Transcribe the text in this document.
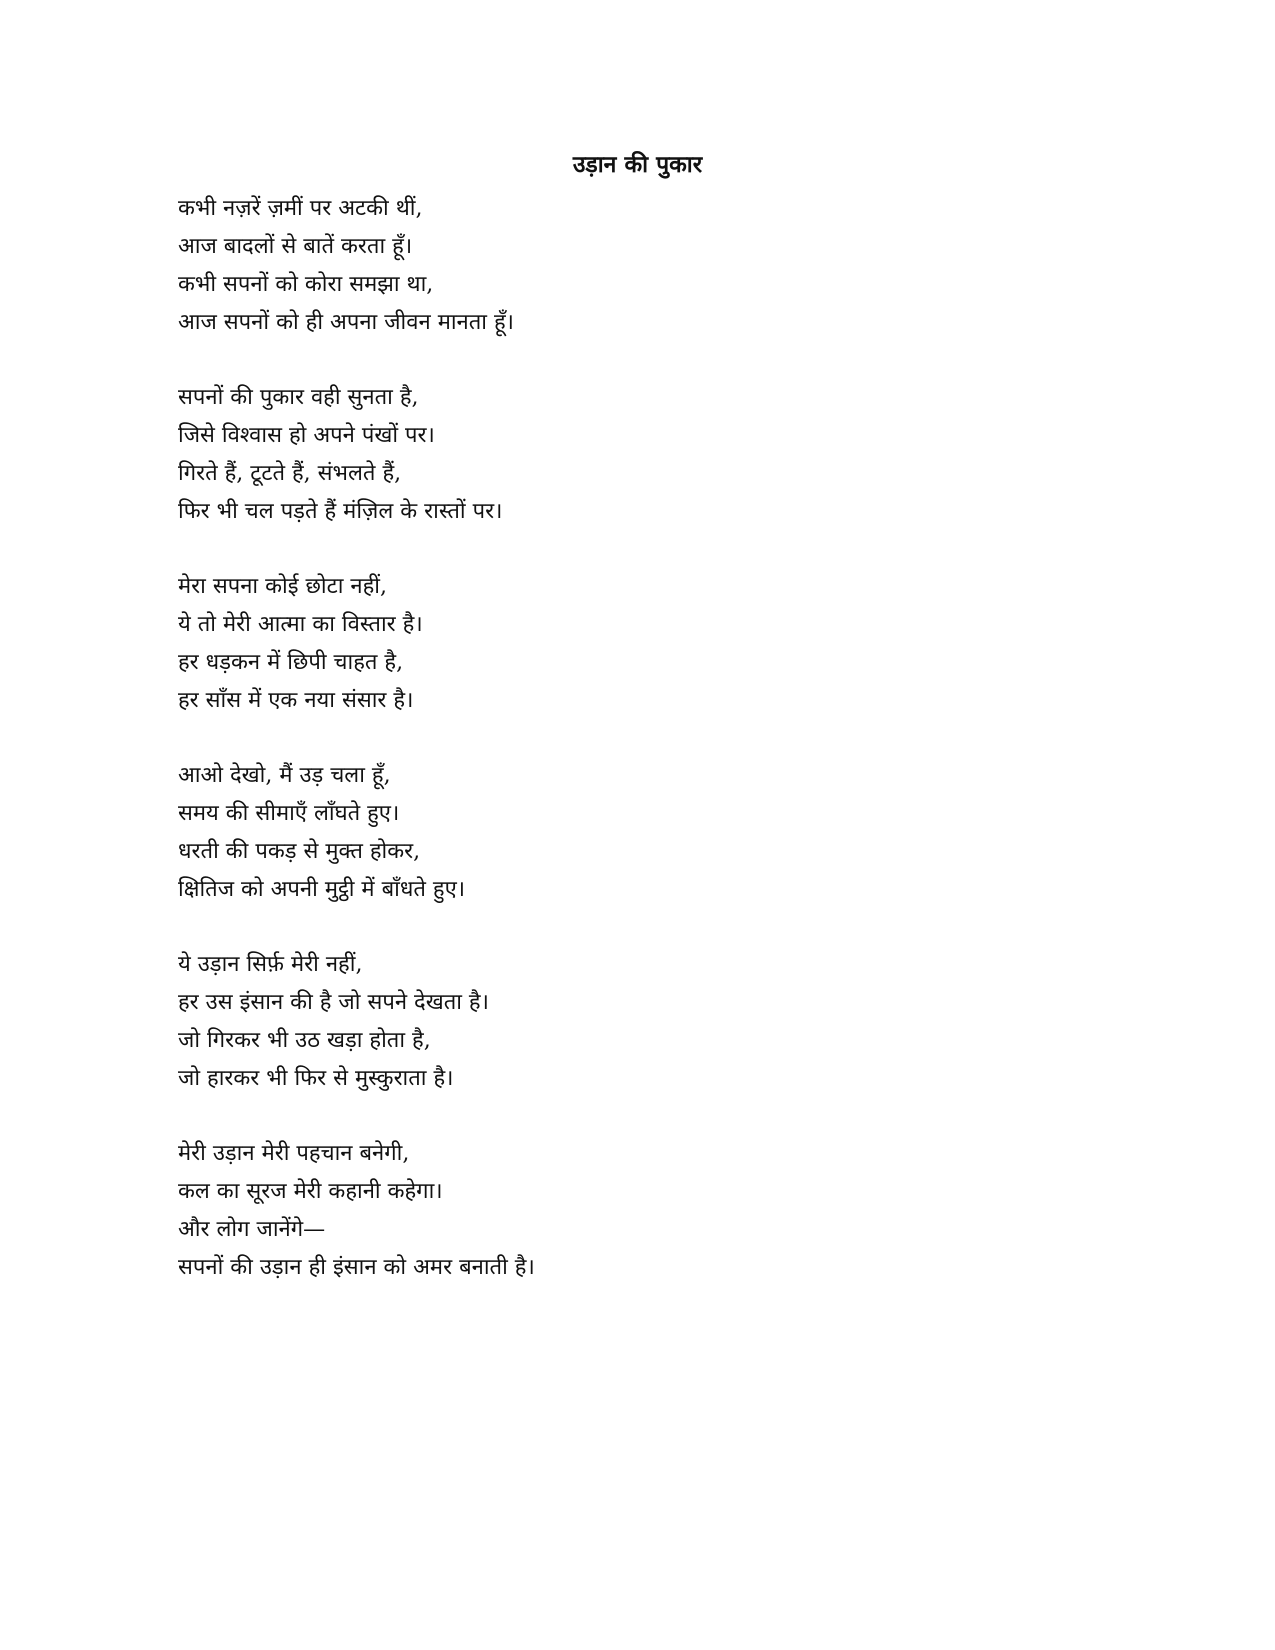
उड़ान की पुकार
कभी नज़रें ज़मीं पर अटकी थीं,
आज बादलों से बातें करता हूँ।
कभी सपनों को कोरा समझा था,
आज सपनों को ही अपना जीवन मानता हूँ।
सपनों की पुकार वही सुनता है,
जिसे विश्वास हो अपने पंखों पर।
गिरते हैं, टूटते हैं, संभलते हैं,
फिर भी चल पड़ते हैं मंज़िल के रास्तों पर।
मेरा सपना कोई छोटा नहीं,
ये तो मेरी आत्मा का विस्तार है।
हर धड़कन में छिपी चाहत है,
हर साँस में एक नया संसार है।
आओ देखो, मैं उड़ चला हूँ,
समय की सीमाएँ लाँघते हुए।
धरती की पकड़ से मुक्त होकर,
क्षितिज को अपनी मुट्ठी में बाँधते हुए।
ये उड़ान सिर्फ़ मेरी नहीं,
हर उस इंसान की है जो सपने देखता है।
जो गिरकर भी उठ खड़ा होता है,
जो हारकर भी फिर से मुस्कुराता है।
मेरी उड़ान मेरी पहचान बनेगी,
कल का सूरज मेरी कहानी कहेगा।
और लोग जानेंगे—
सपनों की उड़ान ही इंसान को अमर बनाती है।
